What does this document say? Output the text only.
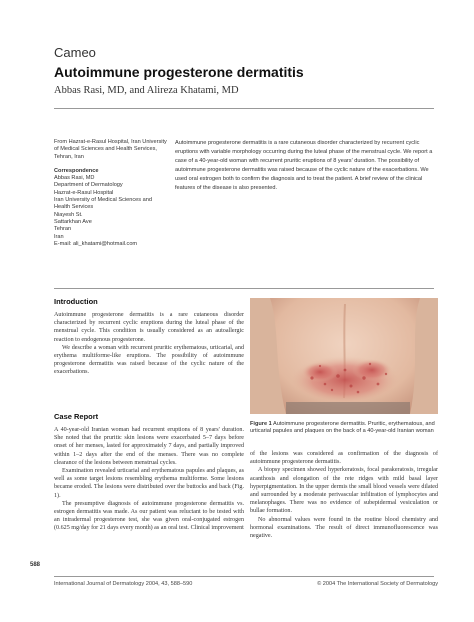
Cameo
Autoimmune progesterone dermatitis
Abbas Rasi, MD, and Alireza Khatami, MD
From Hazrat-e-Rasul Hospital, Iran University of Medical Sciences and Health Services, Tehran, Iran
Correspondence
Abbas Rasi, MD
Department of Dermatology
Hazrat-e-Rasul Hospital
Iran University of Medical Sciences and
Health Services
Niayesh St.
Sattarkhan Ave
Tehran
Iran
E-mail: ali_khatami@hotmail.com
Autoimmune progesterone dermatitis is a rare cutaneous disorder characterized by recurrent cyclic eruptions with variable morphology occurring during the luteal phase of the menstrual cycle. We report a case of a 40-year-old woman with recurrent pruritic eruptions of 8 years' duration. The possibility of autoimmune progesterone dermatitis was raised because of the cyclic nature of the exacerbations. We used oral estrogen both to confirm the diagnosis and to treat the patient. A brief review of the clinical features of the disease is also presented.
Introduction

Autoimmune progesterone dermatitis is a rare cutaneous disorder characterized by recurrent cyclic eruptions during the luteal phase of the menstrual cycle. This condition is usually considered as an autoallergic reaction to endogenous progesterone.

We describe a woman with recurrent pruritic erythematous, urticarial, and erythema multiforme-like eruptions. The possibility of autoimmune progesterone dermatitis was raised because of the cyclic nature of the exacerbations.

Case Report

A 40-year-old Iranian woman had recurrent eruptions of 8 years' duration. She noted that the pruritic skin lesions were exacerbated 5–7 days before onset of her menses, lasted for approximately 7 days, and partially improved within 1–2 days after the end of the menses. There was no complete clearance of the lesions between menstrual cycles.

Examination revealed urticarial and erythematous papules and plaques, as well as some target lesions resembling erythema multiforme. Some lesions became eroded. The lesions were distributed over the buttocks and back (Fig. 1).

The presumptive diagnosis of autoimmune progesterone dermatitis vs. estrogen dermatitis was made. As our patient was reluctant to be tested with an intradermal progesterone test, she was given oral-conjugated estrogen (0.625 mg/day for 21 days every month) as an oral test. Clinical improvement

Figure 1 Autoimmune progesterone dermatitis. Pruritic, erythematous, and urticarial papules and plaques on the back of a 40-year-old Iranian woman

of the lesions was considered as confirmation of the diagnosis of autoimmune progesterone dermatitis.

A biopsy specimen showed hyperkeratosis, focal parakeratosis, irregular acanthosis and elongation of the rete ridges with mild basal layer hyperpigmentation. In the upper dermis the small blood vessels were dilated and surrounded by a moderate perivascular infiltration of lymphocytes and melanophages. There was no evidence of subepidermal vesiculation or bullae formation.

No abnormal values were found in the routine blood chemistry and hormonal examinations. The result of direct immunofluorescence was negative.

588
International Journal of Dermatology 2004, 43, 588–590	© 2004 The International Society of Dermatology
